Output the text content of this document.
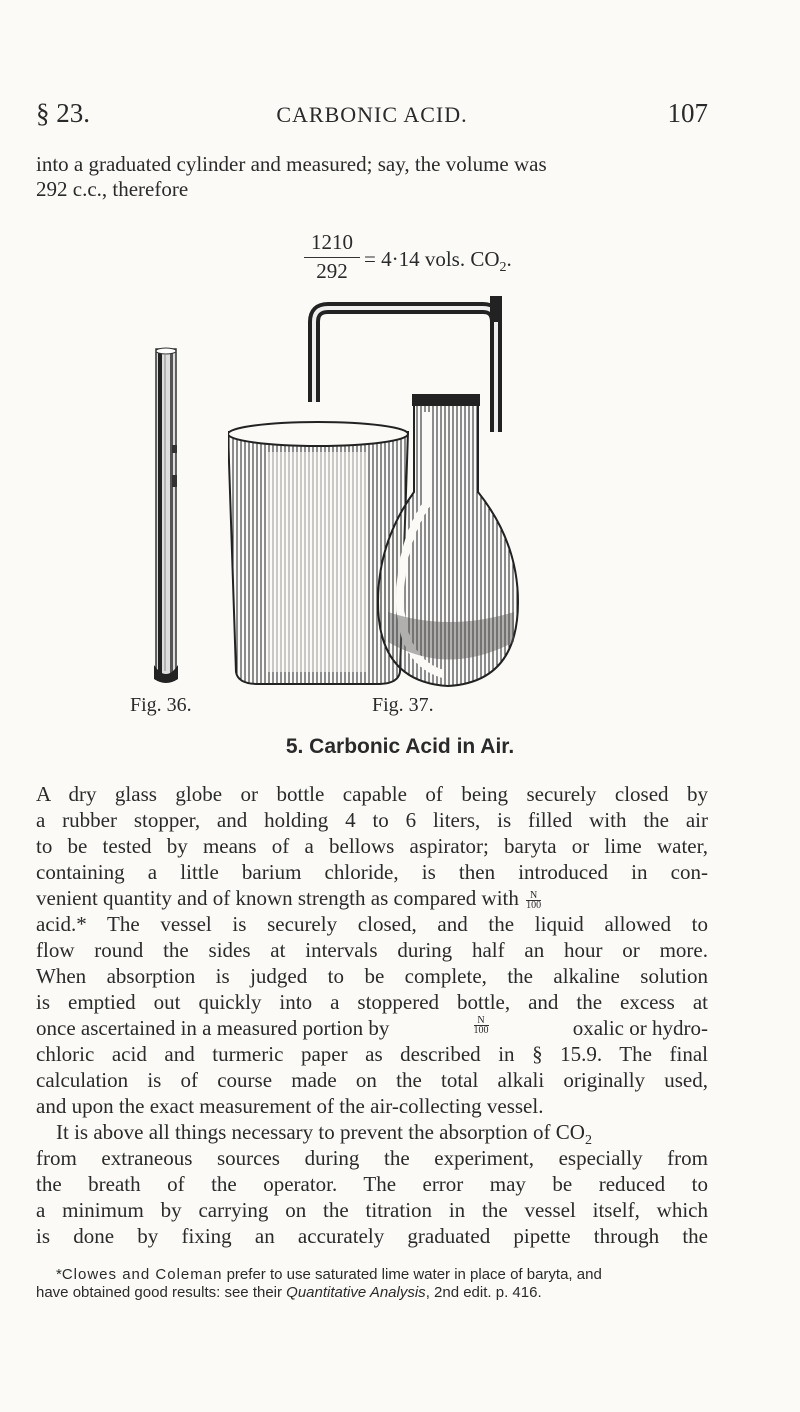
§ 23.	CARBONIC ACID.	107
into a graduated cylinder and measured; say, the volume was
292 c.c., therefore
$\frac{1210}{292} = 4\cdot 14$ vols. $CO_2$.
Fig. 36.	Fig. 37.
5. Carbonic Acid in Air.
A dry glass globe or bottle capable of being securely closed by
a rubber stopper, and holding 4 to 6 liters, is filled with the air
to be tested by means of a bellows aspirator; baryta or lime water,
containing a little barium chloride, is then introduced in con-
venient quantity and of known strength as compared with $\frac{N}{100}$
acid.* The vessel is securely closed, and the liquid allowed to
flow round the sides at intervals during half an hour or more.
When absorption is judged to be complete, the alkaline solution
is emptied out quickly into a stoppered bottle, and the excess at
once ascertained in a measured portion by	$\frac{N}{100}$	oxalic or hydro-
chloric acid and turmeric paper as described in § 15.9. The final
calculation is of course made on the total alkali originally used,
and upon the exact measurement of the air-collecting vessel.
It is above all things necessary to prevent the absorption of $CO_2$
from extraneous sources during the experiment, especially from
the breath of the operator. The error may be reduced to
a minimum by carrying on the titration in the vessel itself, which
is done by fixing an accurately graduated pipette through the
*Clowes and Coleman prefer to use saturated lime water in place of baryta, and
have obtained good results: see their Quantitative Analysis, 2nd edit. p. 416.
